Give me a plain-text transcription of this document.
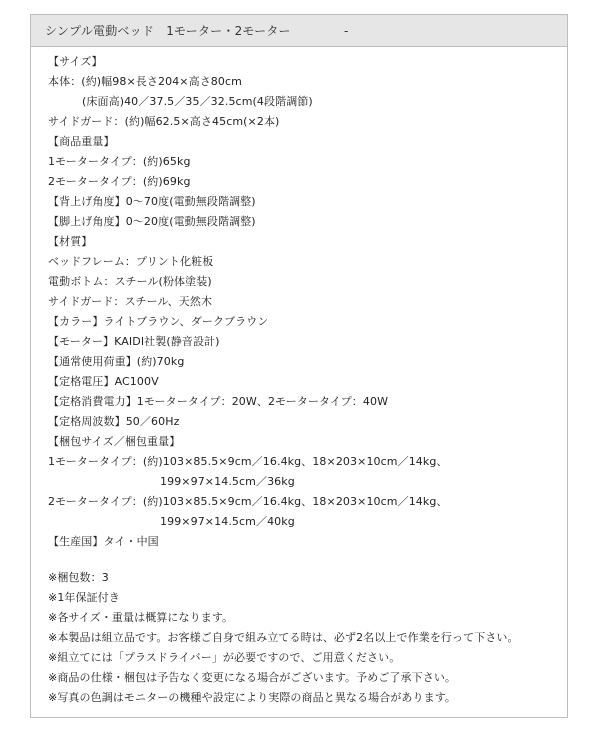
シンプル電動ベッド　1モーター・2モーター	-
【サイズ】
本体：(約)幅98×長さ204×高さ80cm
(床面高)40／37.5／35／32.5cm(4段階調節)
サイドガード：(約)幅62.5×高さ45cm(×2本)
【商品重量】
1モータータイプ：(約)65kg
2モータータイプ：(約)69kg
【背上げ角度】0～70度(電動無段階調整)
【脚上げ角度】0～20度(電動無段階調整)
【材質】
ベッドフレーム：プリント化粧板
電動ボトム：スチール(粉体塗装)
サイドガード：スチール、天然木
【カラー】ライトブラウン、ダークブラウン
【モーター】KAIDI社製(静音設計)
【通常使用荷重】(約)70kg
【定格電圧】AC100V
【定格消費電力】1モータータイプ：20W、2モータータイプ：40W
【定格周波数】50／60Hz
【梱包サイズ／梱包重量】
1モータータイプ：(約)103×85.5×9cm／16.4kg、18×203×10cm／14kg、
199×97×14.5cm／36kg
2モータータイプ：(約)103×85.5×9cm／16.4kg、18×203×10cm／14kg、
199×97×14.5cm／40kg
【生産国】タイ・中国
※梱包数：3
※1年保証付き
※各サイズ・重量は概算になります。
※本製品は組立品です。お客様ご自身で組み立てる時は、必ず2名以上で作業を行って下さい。
※組立てには「プラスドライバー」が必要ですので、ご用意ください。
※商品の仕様・梱包は予告なく変更になる場合がございます。予めご了承下さい。
※写真の色調はモニターの機種や設定により実際の商品と異なる場合があります。
